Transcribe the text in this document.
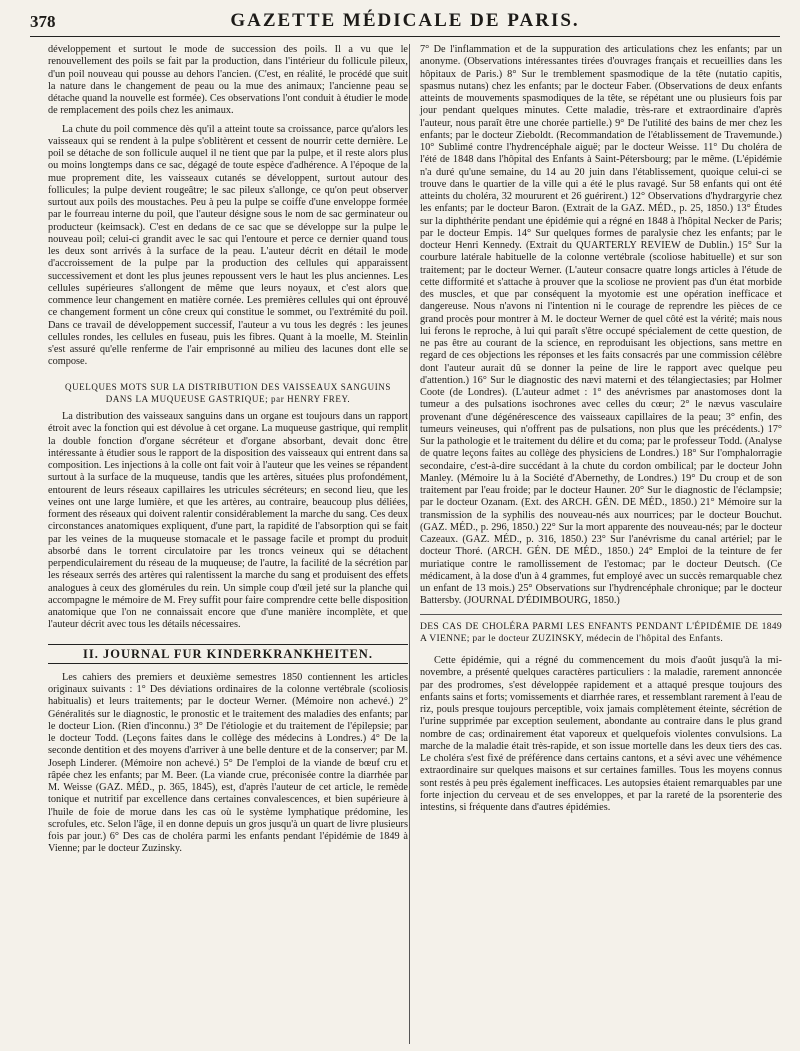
378	GAZETTE MÉDICALE DE PARIS.

développement et surtout le mode de succession des poils. Il a vu que le renouvellement des poils se fait par la production, dans l'intérieur du follicule pileux, d'un poil nouveau qui pousse au dehors l'ancien. (C'est, en réalité, le procédé que suit la nature dans le changement de peau ou la mue des animaux; l'ancienne peau se détache quand la nouvelle est formée). Ces observations l'ont conduit à étudier le mode de remplacement des poils chez les animaux.

La chute du poil commence dès qu'il a atteint toute sa croissance, parce qu'alors les vaisseaux qui se rendent à la pulpe s'oblitèrent et cessent de nourrir cette dernière. Le poil se détache de son follicule auquel il ne tient que par la pulpe, et il reste alors plus ou moins longtemps dans ce sac, dégagé de toute espèce d'adhérence. A l'époque de la mue proprement dite, les vaisseaux cutanés se développent, surtout autour des follicules; la pulpe devient rougeâtre; le sac pileux s'allonge, ce qu'on peut observer surtout aux poils des moustaches. Peu à peu la pulpe se coiffe d'une enveloppe formée par le fourreau interne du poil, que l'auteur désigne sous le nom de sac germinateur ou producteur (keimsack). C'est en dedans de ce sac que se développe sur la pulpe le nouveau poil; celui-ci grandit avec le sac qui l'entoure et perce ce dernier quand tous les deux sont arrivés à la surface de la peau. L'auteur décrit en détail le mode d'accroissement de la pulpe par la production des cellules qui apparaissent successivement et dont les plus jeunes repoussent vers le haut les plus anciennes. Les cellules supérieures s'allongent de même que leurs noyaux, et c'est alors que commence leur changement en matière cornée. Les premières cellules qui ont éprouvé ce changement forment un cône creux qui constitue le sommet, ou l'extrémité du poil. Dans ce travail de développement successif, l'auteur a vu tous les degrés : les jeunes cellules rondes, les cellules en fuseau, puis les fibres. Quant à la moelle, M. Steinlin s'est assuré qu'elle renferme de l'air emprisonné au milieu des lacunes dont elle se compose.

QUELQUES MOTS SUR LA DISTRIBUTION DES VAISSEAUX SANGUINS DANS LA MUQUEUSE GASTRIQUE; par HENRY FREY.

La distribution des vaisseaux sanguins dans un organe est toujours dans un rapport étroit avec la fonction qui est dévolue à cet organe. La muqueuse gastrique, qui remplit la double fonction d'organe sécréteur et d'organe absorbant, devait donc être intéressante à étudier sous le rapport de la disposition des vaisseaux qui entrent dans sa composition. Les injections à la colle ont fait voir à l'auteur que les veines se répandent surtout à la surface de la muqueuse, tandis que les artères, situées plus profondément, entourent de leurs réseaux capillaires les utricules sécréteurs; en second lieu, que les veines ont une large lumière, et que les artères, au contraire, beaucoup plus déliées, forment des réseaux qui doivent ralentir considérablement la marche du sang. Ces deux circonstances anatomiques expliquent, d'une part, la rapidité de l'absorption qui se fait par les veines de la muqueuse stomacale et le passage facile et prompt du produit absorbé dans le torrent circulatoire par les troncs veineux qui se détachent perpendiculairement du réseau de la muqueuse; de l'autre, la facilité de la sécrétion par les réseaux serrés des artères qui ralentissent la marche du sang et produisent des effets analogues à ceux des glomérules du rein. Un simple coup d'œil jeté sur la planche qui accompagne le mémoire de M. Frey suffit pour faire comprendre cette belle disposition anatomique que l'on ne connaissait encore que d'une manière incomplète, et que l'auteur décrit avec tous les détails nécessaires.

II. JOURNAL FUR KINDERKRANKHEITEN.

Les cahiers des premiers et deuxième semestres 1850 contiennent les articles originaux suivants : 1° Des déviations ordinaires de la colonne vertébrale (scoliosis habitualis) et leurs traitements; par le docteur Werner. (Mémoire non achevé.) 2° Généralités sur le diagnostic, le pronostic et le traitement des maladies des enfants; par le docteur Lion. (Rien d'inconnu.) 3° De l'étiologie et du traitement de l'épilepsie; par le docteur Todd. (Leçons faites dans le collège des médecins à Londres.) 4° De la seconde dentition et des moyens d'arriver à une belle denture et de la conserver; par M. Joseph Linderer. (Mémoire non achevé.) 5° De l'emploi de la viande de bœuf cru et râpée chez les enfants; par M. Beer. (La viande crue, préconisée contre la diarrhée par M. Weisse (GAZ. MÉD., p. 365, 1845), est, d'après l'auteur de cet article, le remède tonique et nutritif par excellence dans certaines convalescences, et bien supérieure à l'huile de foie de morue dans les cas où le système lymphatique prédomine, les scrofules, etc. Selon l'âge, il en donne depuis un gros jusqu'à un quart de livre plusieurs fois par jour.) 6° Des cas de choléra parmi les enfants pendant l'épidémie de 1849 à Vienne; par le docteur Zuzinsky.

7° De l'inflammation et de la suppuration des articulations chez les enfants; par un anonyme. (Observations intéressantes tirées d'ouvrages français et recueillies dans les hôpitaux de Paris.) 8° Sur le tremblement spasmodique de la tête (nutatio capitis, spasmus nutans) chez les enfants; par le docteur Faber. (Observations de deux enfants atteints de mouvements spasmodiques de la tête, se répétant une ou plusieurs fois par jour pendant quelques minutes. Cette maladie, très-rare et extraordinaire d'après l'auteur, nous paraît être une chorée partielle.) 9° De l'utilité des bains de mer chez les enfants; par le docteur Zieboldt. (Recommandation de l'établissement de Travemunde.) 10° Sublimé contre l'hydrencéphale aiguë; par le docteur Weisse. 11° Du choléra de l'été de 1848 dans l'hôpital des Enfants à Saint-Pétersbourg; par le même. (L'épidémie n'a duré qu'une semaine, du 14 au 20 juin dans l'établissement, quoique celui-ci se trouve dans le quartier de la ville qui a été le plus ravagé. Sur 58 enfants qui ont été atteints du choléra, 32 moururent et 26 guérirent.) 12° Observations d'hydrargyrie chez les enfants; par le docteur Baron. (Extrait de la GAZ. MÉD., p. 25, 1850.) 13° Études sur la diphthérite pendant une épidémie qui a régné en 1848 à l'hôpital Necker de Paris; par le docteur Empis. 14° Sur quelques formes de paralysie chez les enfants; par le docteur Henri Kennedy. (Extrait du QUARTERLY REVIEW de Dublin.) 15° Sur la courbure latérale habituelle de la colonne vertébrale (scoliose habituelle) et sur son traitement; par le docteur Werner. (L'auteur consacre quatre longs articles à l'étude de cette difformité et s'attache à prouver que la scoliose ne provient pas d'un état morbide des muscles, et que par conséquent la myotomie est une opération inefficace et dangereuse. Nous n'avons ni l'intention ni le courage de reprendre les pièces de ce grand procès pour montrer à M. le docteur Werner de quel côté est la vérité; mais nous lui ferons le reproche, à lui qui paraît s'être occupé spécialement de cette question, de ne pas être au courant de la science, en reproduisant les objections, sans mettre en regard de ces objections les réponses et les faits consacrés par une commission célèbre dont l'auteur aurait dû se donner la peine de lire le rapport avec quelque peu d'attention.) 16° Sur le diagnostic des nævi materni et des télangiectasies; par Holmer Coote (de Londres). (L'auteur admet : 1° des anévrismes par anastomoses dont la tumeur a des pulsations isochrones avec celles du cœur; 2° le nævus vasculaire provenant d'une dégénérescence des vaisseaux capillaires de la peau; 3° enfin, des tumeurs veineuses, qui n'offrent pas de pulsations, non plus que les précédents.) 17° Sur la pathologie et le traitement du délire et du coma; par le professeur Todd. (Analyse de quatre leçons faites au collège des physiciens de Londres.) 18° Sur l'omphalorragie secondaire, c'est-à-dire succédant à la chute du cordon ombilical; par le docteur John Manley. (Mémoire lu à la Société d'Abernethy, de Londres.) 19° Du croup et de son traitement par l'eau froide; par le docteur Hauner. 20° Sur le diagnostic de l'éclampsie; par le docteur Ozanam. (Ext. des ARCH. GÉN. DE MÉD., 1850.) 21° Mémoire sur la transmission de la syphilis des nouveau-nés aux nourrices; par le docteur Bouchut. (GAZ. MÉD., p. 296, 1850.) 22° Sur la mort apparente des nouveau-nés; par le docteur Cazeaux. (GAZ. MÉD., p. 316, 1850.) 23° Sur l'anévrisme du canal artériel; par le docteur Thoré. (ARCH. GÉN. DE MÉD., 1850.) 24° Emploi de la teinture de fer muriatique contre le ramollissement de l'estomac; par le docteur Deutsch. (Ce médicament, à la dose d'un à 4 grammes, fut employé avec un succès remarquable chez un enfant de 13 mois.) 25° Observations sur l'hydrencéphale chronique; par le docteur Battersby. (JOURNAL D'ÉDIMBOURG, 1850.)

DES CAS DE CHOLÉRA PARMI LES ENFANTS PENDANT L'ÉPIDÉMIE DE 1849 A VIENNE; par le docteur ZUZINSKY, médecin de l'hôpital des Enfants.

Cette épidémie, qui a régné du commencement du mois d'août jusqu'à la mi-novembre, a présenté quelques caractères particuliers : la maladie, rarement annoncée par des prodromes, s'est développée rapidement et a attaqué presque toujours des enfants sains et forts; vomissements et diarrhée rares, et ressemblant rarement à l'eau de riz, pouls presque toujours perceptible, voix jamais complètement éteinte, sécrétion de l'urine supprimée par exception seulement, abondante au contraire dans le plus grand nombre de cas; ordinairement état vaporeux et quelquefois violentes convulsions. La marche de la maladie était très-rapide, et son issue mortelle dans les deux tiers des cas. Le choléra s'est fixé de préférence dans certains cantons, et a sévi avec une véhémence extraordinaire sur quelques maisons et sur certaines familles. Tous les moyens connus sont restés à peu près également inefficaces. Les autopsies étaient remarquables par une forte injection du cerveau et de ses enveloppes, et par la rareté de la psorenterie des intestins, si fréquente dans d'autres épidémies.
